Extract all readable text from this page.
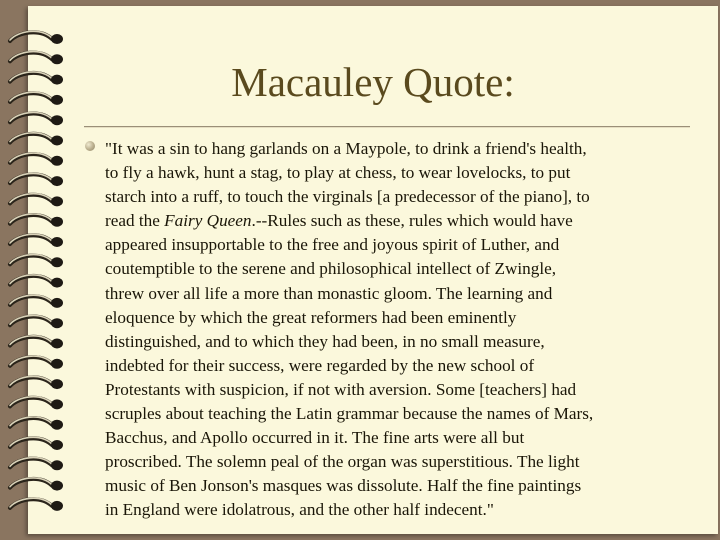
Macauley Quote:

"It was a sin to hang garlands on a Maypole, to drink a friend's health,
to fly a hawk, hunt a stag, to play at chess, to wear lovelocks, to put
starch into a ruff, to touch the virginals [a predecessor of the piano], to
read the Fairy Queen.--Rules such as these, rules which would have
appeared insupportable to the free and joyous spirit of Luther, and
coutemptible to the serene and philosophical intellect of Zwingle,
threw over all life a more than monastic gloom. The learning and
eloquence by which the great reformers had been eminently
distinguished, and to which they had been, in no small measure,
indebted for their success, were regarded by the new school of
Protestants with suspicion, if not with aversion. Some [teachers] had
scruples about teaching the Latin grammar because the names of Mars,
Bacchus, and Apollo occurred in it. The fine arts were all but
proscribed. The solemn peal of the organ was superstitious. The light
music of Ben Jonson's masques was dissolute. Half the fine paintings
in England were idolatrous, and the other half indecent."
